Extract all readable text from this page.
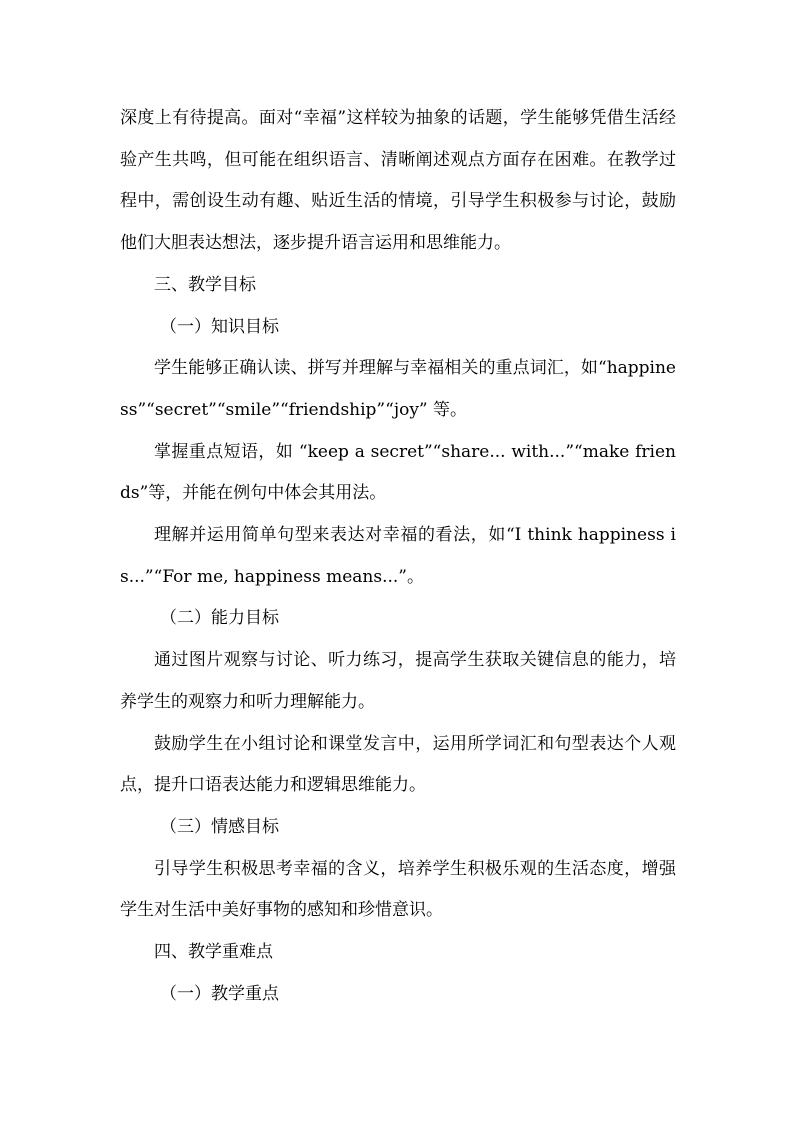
深度上有待提高。面对“幸福”这样较为抽象的话题，学生能够凭借生活经验产生共鸣，但可能在组织语言、清晰阐述观点方面存在困难。在教学过程中，需创设生动有趣、贴近生活的情境，引导学生积极参与讨论，鼓励他们大胆表达想法，逐步提升语言运用和思维能力。

三、教学目标

（一）知识目标

学生能够正确认读、拼写并理解与幸福相关的重点词汇，如“happiness”“secret”“smile”“friendship”“joy” 等。

掌握重点短语，如 “keep a secret”“share... with...”“make friends”等，并能在例句中体会其用法。

理解并运用简单句型来表达对幸福的看法，如“I think happiness is...”“For me, happiness means...”。

（二）能力目标

通过图片观察与讨论、听力练习，提高学生获取关键信息的能力，培养学生的观察力和听力理解能力。

鼓励学生在小组讨论和课堂发言中，运用所学词汇和句型表达个人观点，提升口语表达能力和逻辑思维能力。

（三）情感目标

引导学生积极思考幸福的含义，培养学生积极乐观的生活态度，增强学生对生活中美好事物的感知和珍惜意识。

四、教学重难点

（一）教学重点
